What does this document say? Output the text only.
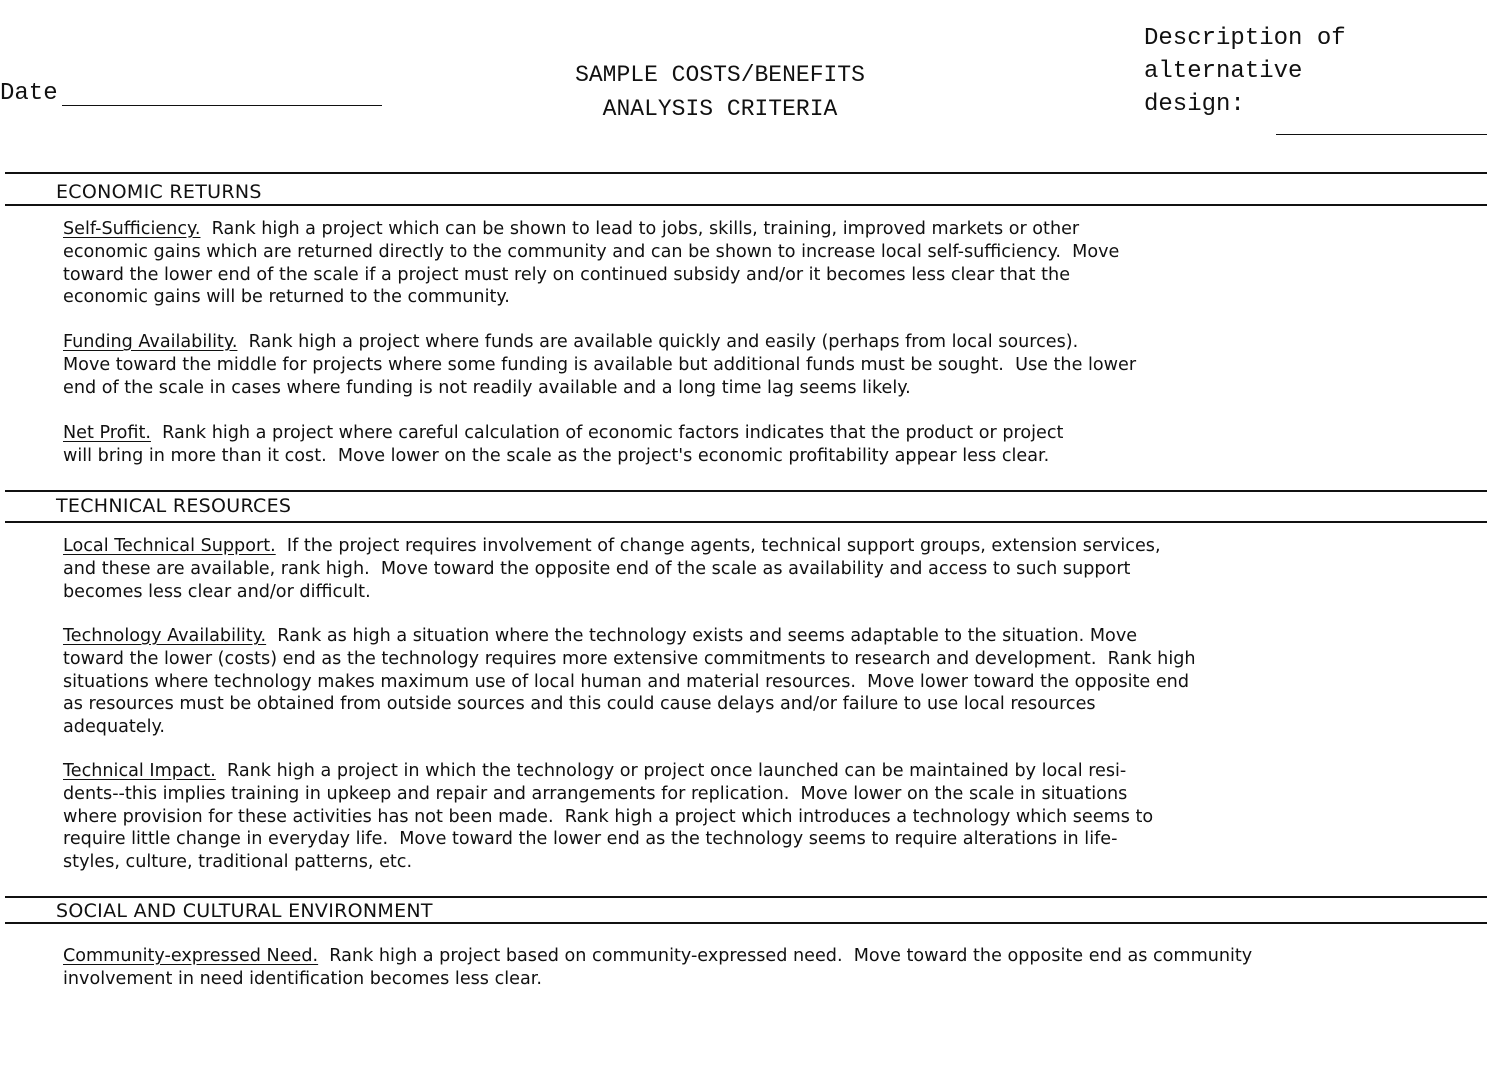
Date
SAMPLE COSTS/BENEFITS
ANALYSIS CRITERIA
Description of
alternative
design:
ECONOMIC RETURNS
Self-Sufficiency.  Rank high a project which can be shown to lead to jobs, skills, training, improved markets or other
economic gains which are returned directly to the community and can be shown to increase local self-sufficiency.  Move
toward the lower end of the scale if a project must rely on continued subsidy and/or it becomes less clear that the
economic gains will be returned to the community.
Funding Availability.  Rank high a project where funds are available quickly and easily (perhaps from local sources).
Move toward the middle for projects where some funding is available but additional funds must be sought.  Use the lower
end of the scale in cases where funding is not readily available and a long time lag seems likely.
Net Profit.  Rank high a project where careful calculation of economic factors indicates that the product or project
will bring in more than it cost.  Move lower on the scale as the project's economic profitability appear less clear.
TECHNICAL RESOURCES
Local Technical Support.  If the project requires involvement of change agents, technical support groups, extension services,
and these are available, rank high.  Move toward the opposite end of the scale as availability and access to such support
becomes less clear and/or difficult.
Technology Availability.  Rank as high a situation where the technology exists and seems adaptable to the situation. Move
toward the lower (costs) end as the technology requires more extensive commitments to research and development.  Rank high
situations where technology makes maximum use of local human and material resources.  Move lower toward the opposite end
as resources must be obtained from outside sources and this could cause delays and/or failure to use local resources
adequately.
Technical Impact.  Rank high a project in which the technology or project once launched can be maintained by local resi-
dents--this implies training in upkeep and repair and arrangements for replication.  Move lower on the scale in situations
where provision for these activities has not been made.  Rank high a project which introduces a technology which seems to
require little change in everyday life.  Move toward the lower end as the technology seems to require alterations in life-
styles, culture, traditional patterns, etc.
SOCIAL AND CULTURAL ENVIRONMENT
Community-expressed Need.  Rank high a project based on community-expressed need.  Move toward the opposite end as community
involvement in need identification becomes less clear.
